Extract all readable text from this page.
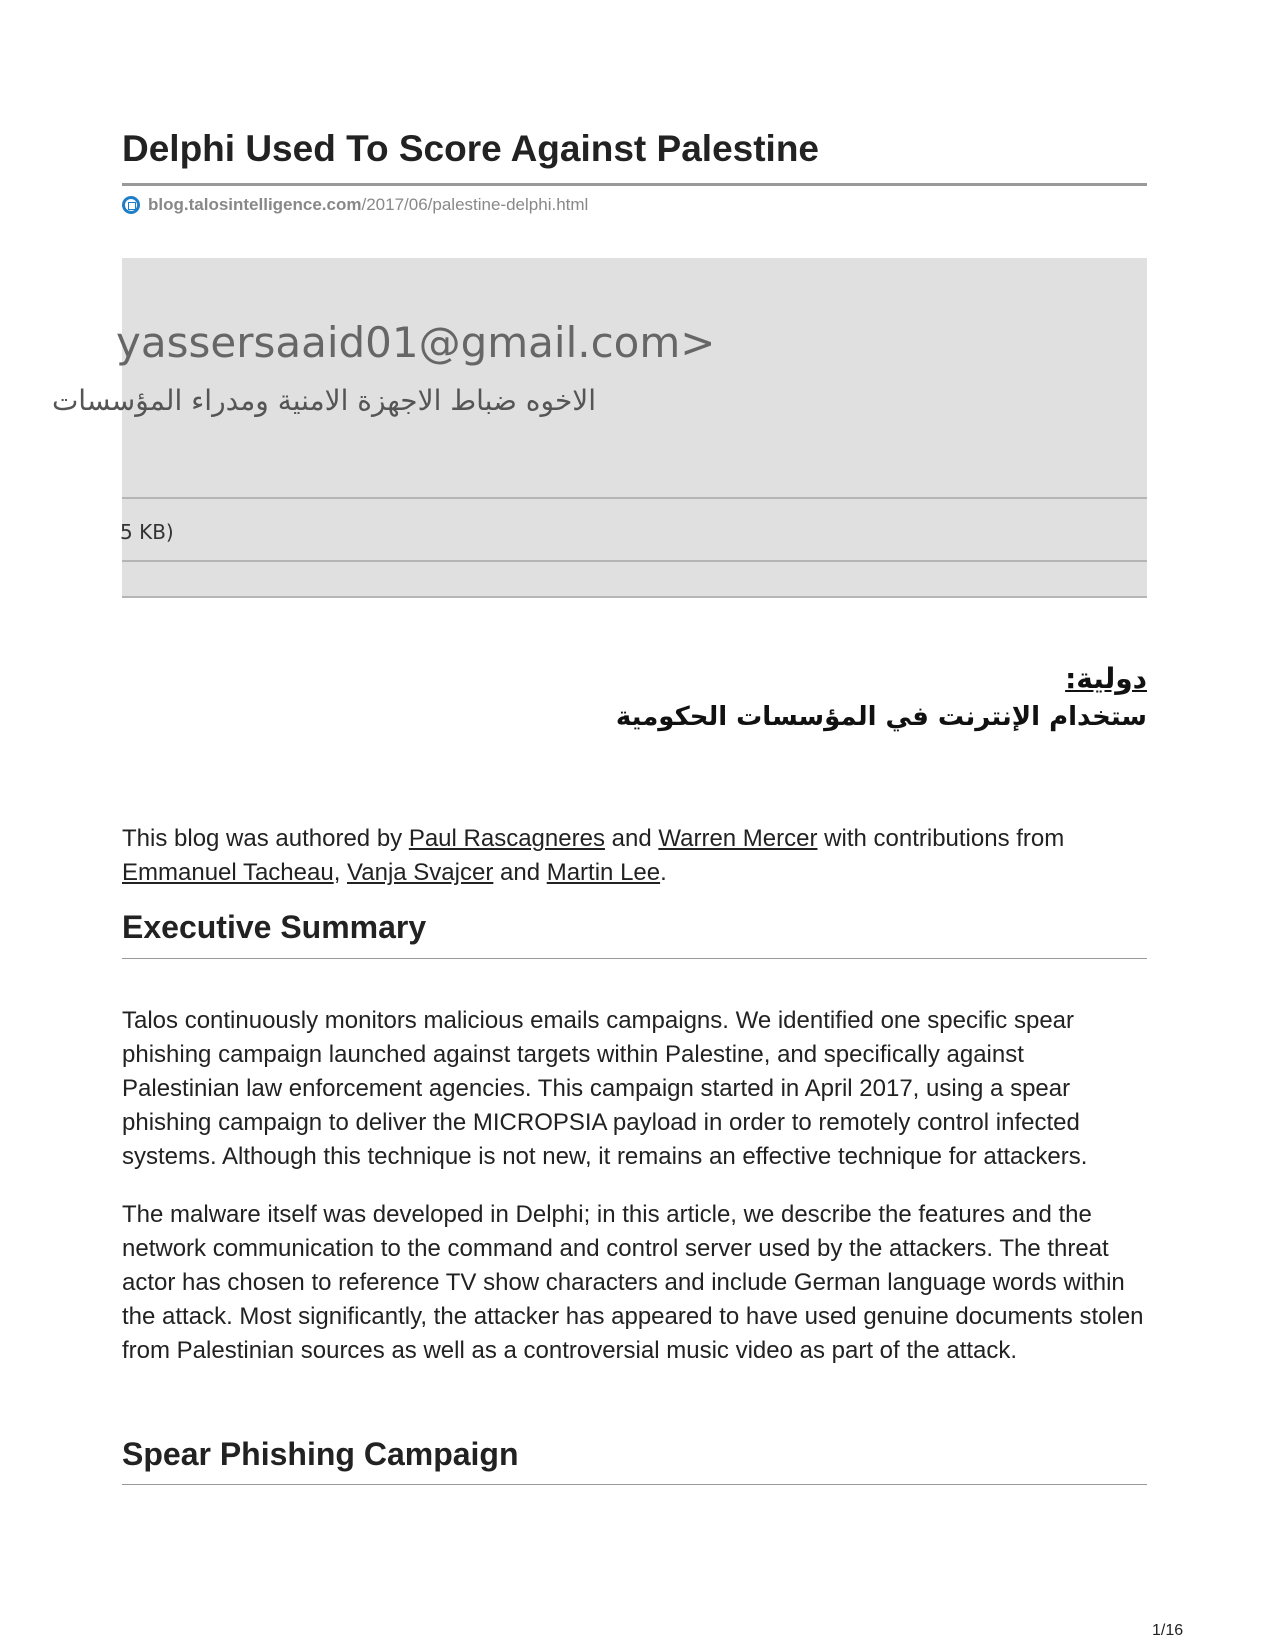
Delphi Used To Score Against Palestine
blog.talosintelligence.com /2017/06/palestine-delphi.html
yassersaaid01@gmail.com>
الاخوه ضباط الاجهزة الامنية ومدراء المؤسسات
5 KB)
دولية:
ستخدام الإنترنت في المؤسسات الحكومية

This blog was authored by Paul Rascagneres and Warren Mercer with contributions from Emmanuel Tacheau, Vanja Svajcer and Martin Lee.

Executive Summary

Talos continuously monitors malicious emails campaigns. We identified one specific spear phishing campaign launched against targets within Palestine, and specifically against Palestinian law enforcement agencies. This campaign started in April 2017, using a spear phishing campaign to deliver the MICROPSIA payload in order to remotely control infected systems. Although this technique is not new, it remains an effective technique for attackers.

The malware itself was developed in Delphi; in this article, we describe the features and the network communication to the command and control server used by the attackers. The threat actor has chosen to reference TV show characters and include German language words within the attack. Most significantly, the attacker has appeared to have used genuine documents stolen from Palestinian sources as well as a controversial music video as part of the attack.

Spear Phishing Campaign
1/16
